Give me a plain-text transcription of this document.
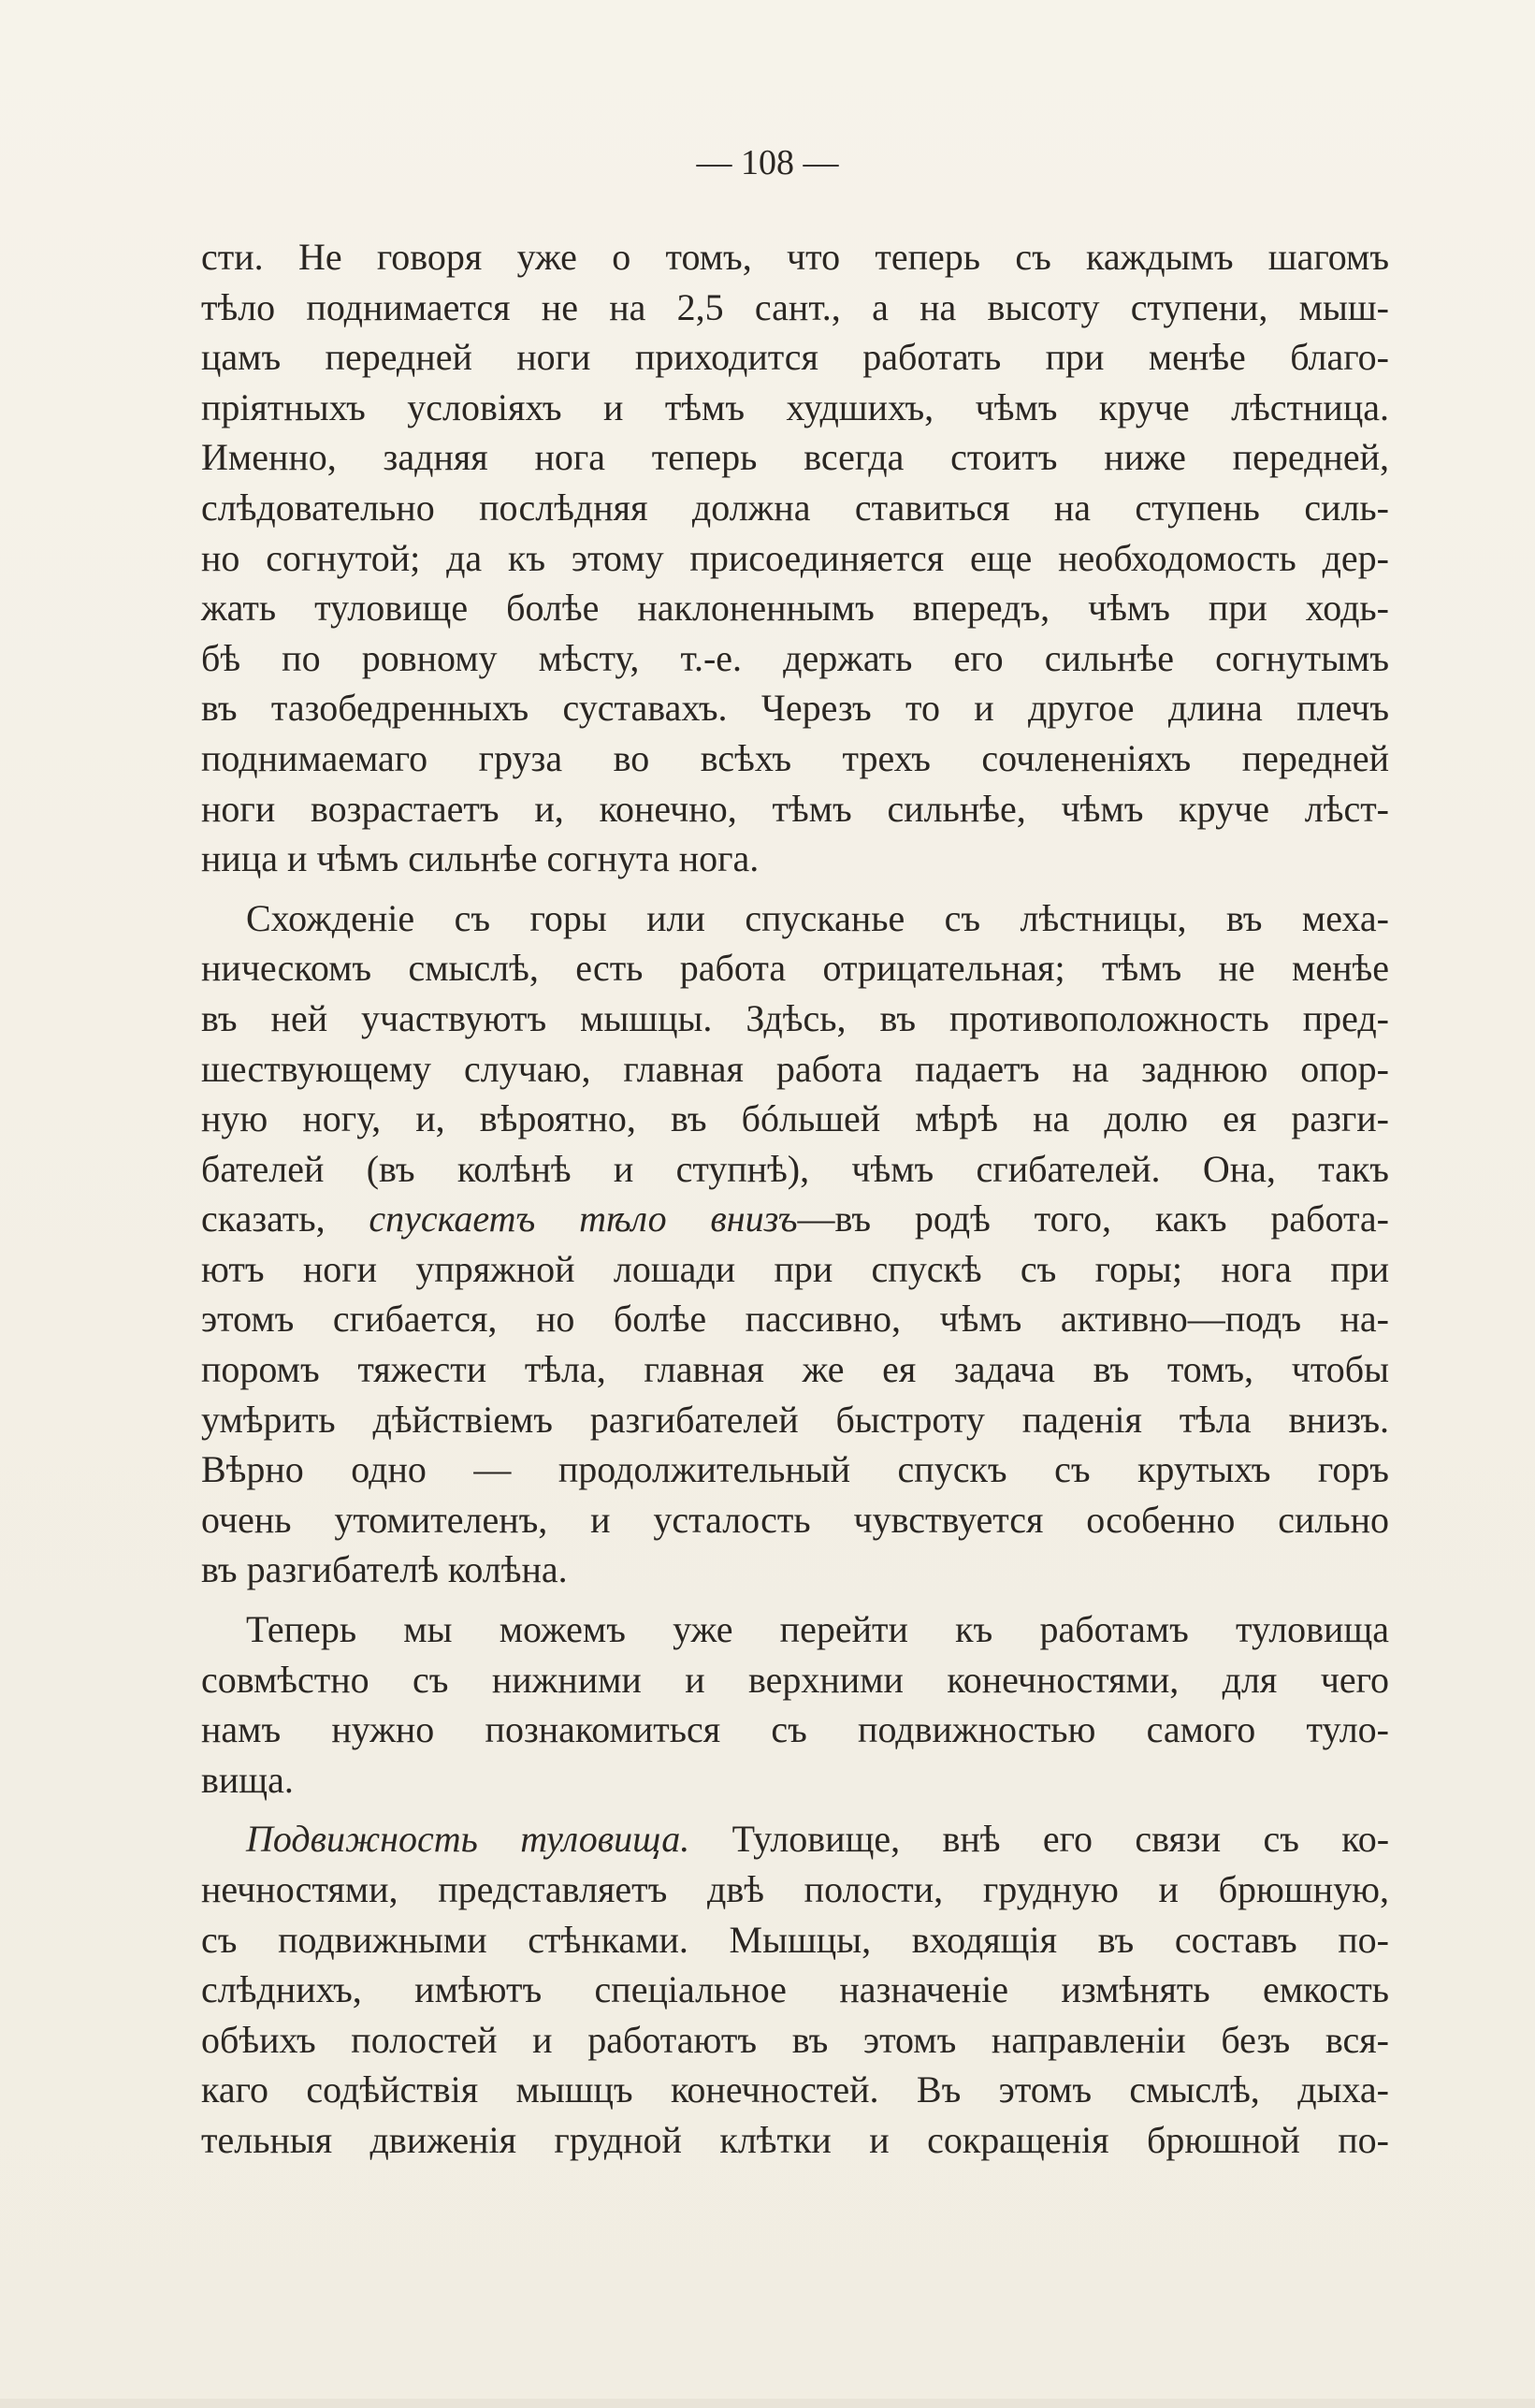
— 108 —
сти. Не говоря уже о томъ, что теперь съ каждымъ шагомъ
тѣло поднимается не на 2,5 сант., а на высоту ступени, мыш-
цамъ передней ноги приходится работать при менѣе благо-
пріятныхъ условіяхъ и тѣмъ худшихъ, чѣмъ круче лѣстница.
Именно, задняя нога теперь всегда стоитъ ниже передней,
слѣдовательно послѣдняя должна ставиться на ступень силь-
но согнутой; да къ этому присоединяется еще необходомость дер-
жать туловище болѣе наклоненнымъ впередъ, чѣмъ при ходь-
бѣ по ровному мѣсту, т.-е. держать его сильнѣе согнутымъ
въ тазобедренныхъ суставахъ. Черезъ то и другое длина плечъ
поднимаемаго груза во всѣхъ трехъ сочлененіяхъ передней
ноги возрастаетъ и, конечно, тѣмъ сильнѣе, чѣмъ круче лѣст-
ница и чѣмъ сильнѣе согнута нога.
Схожденіе съ горы или спусканье съ лѣстницы, въ меха-
ническомъ смыслѣ, есть работа отрицательная; тѣмъ не менѣе
въ ней участвуютъ мышцы. Здѣсь, въ противоположность пред-
шествующему случаю, главная работа падаетъ на заднюю опор-
ную ногу, и, вѣроятно, въ бóльшей мѣрѣ на долю ея разги-
бателей (въ колѣнѣ и ступнѣ), чѣмъ сгибателей. Она, такъ
сказать, спускаетъ тѣло внизъ—въ родѣ того, какъ работа-
ютъ ноги упряжной лошади при спускѣ съ горы; нога при
этомъ сгибается, но болѣе пассивно, чѣмъ активно—подъ на-
поромъ тяжести тѣла, главная же ея задача въ томъ, чтобы
умѣрить дѣйствіемъ разгибателей быстроту паденія тѣла внизъ.
Вѣрно одно — продолжительный спускъ съ крутыхъ горъ
очень утомителенъ, и усталость чувствуется особенно сильно
въ разгибателѣ колѣна.
Теперь мы можемъ уже перейти къ работамъ туловища
совмѣстно съ нижними и верхними конечностями, для чего
намъ нужно познакомиться съ подвижностью самого туло-
вища.
Подвижность туловища. Туловище, внѣ его связи съ ко-
нечностями, представляетъ двѣ полости, грудную и брюшную,
съ подвижными стѣнками. Мышцы, входящія въ составъ по-
слѣднихъ, имѣютъ спеціальное назначеніе измѣнять емкость
обѣихъ полостей и работаютъ въ этомъ направленіи безъ вся-
каго содѣйствія мышцъ конечностей. Въ этомъ смыслѣ, дыха-
тельныя движенія грудной клѣтки и сокращенія брюшной по-
